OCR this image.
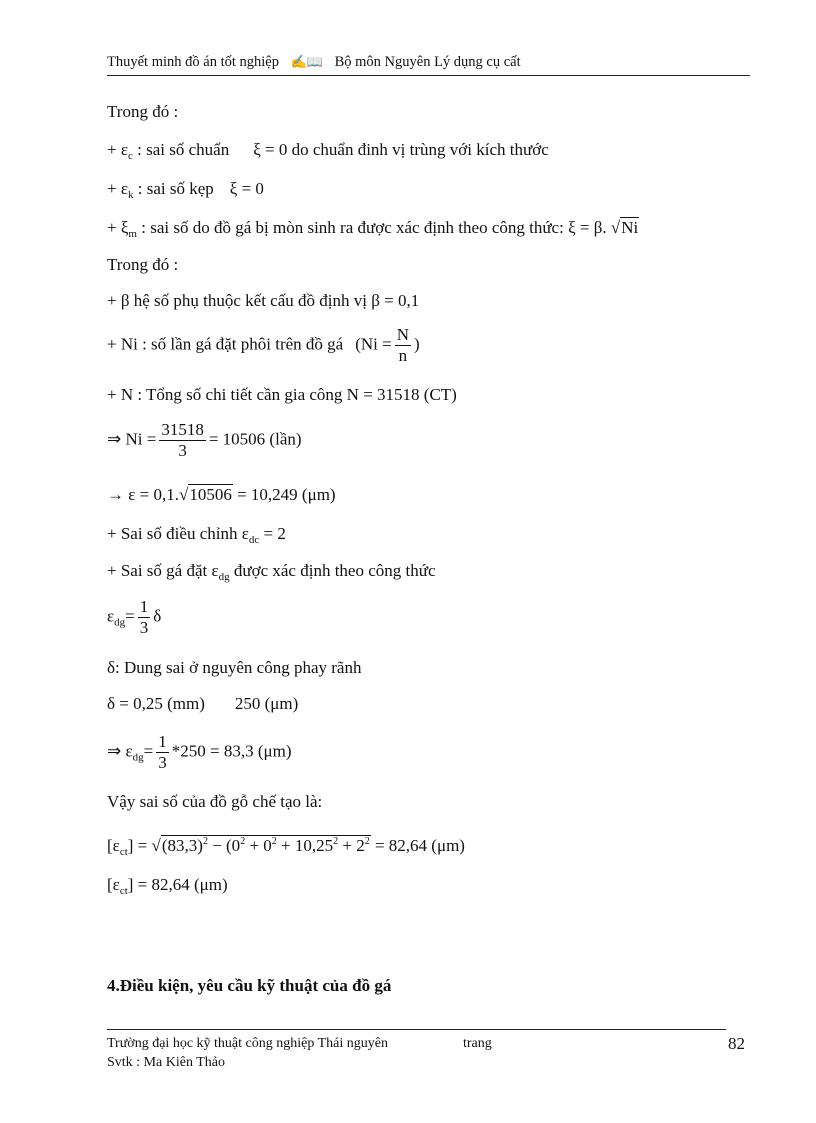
Thuyết minh đồ án tốt nghiệp ✍📖 Bộ môn Nguyên Lý dụng cụ cất
Trong đó :
+ $\varepsilon_c$ : sai số chuẩn ξ = 0 do chuẩn đinh vị trùng với kích thước
+ $\varepsilon_k$ : sai số kẹp ξ = 0
+ $\xi_m$ : sai số do đồ gá bị mòn sinh ra được xác định theo công thức: ξ = β. √Ni
Trong đó :
+ β hệ số phụ thuộc kết cấu đồ định vị β = 0,1
+ Ni : số lần gá đặt phôi trên đồ gá ($Ni = \frac{N}{n}$ )
+ N : Tổng số chi tiết cần gia công N = 31518 (CT)
⇒ $Ni = \frac{31518}{3} = 10506$ (lần)
→ ε = 0,1.√10506 = 10,249 (μm)
+ Sai số điều chỉnh $\varepsilon_{dc} = 2$
+ Sai số gá đặt $\varepsilon_{dg}$ được xác định theo công thức
$\varepsilon_{dg}= \frac{1}{3}$ δ
δ: Dung sai ở nguyên công phay rãnh
δ = 0,25 (mm) 250 (μm)
⇒ $\varepsilon_{dg}= \frac{1}{3} *250 = 83,3$ (μm)
Vậy sai số của đồ gỗ chế tạo là:
$[\varepsilon_{ct}] = √(83,3)^2 - (0^2 + 0^2 + 10,25^2 + 2^2 = 82,64$ (μm)
$[\varepsilon_{ct}] = 82,64$ (μm)
4.Điều kiện, yêu cầu kỹ thuật của đồ gá
Trường đại học kỹ thuật công nghiệp Thái nguyên	trang
Svtk : Ma Kiên Thảo
82
